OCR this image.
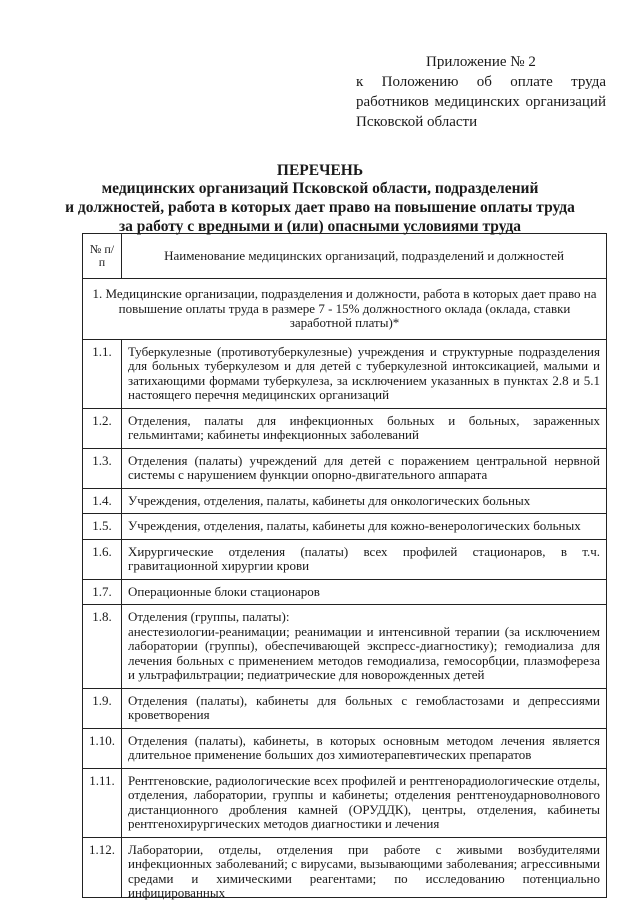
Приложение № 2
к Положению об оплате труда
работников медицинских организаций
Псковской области
ПЕРЕЧЕНЬ
медицинских организаций Псковской области, подразделений
и должностей, работа в которых дает право на повышение оплаты труда
за работу с вредными и (или) опасными условиями труда
№ п/п	Наименование медицинских организаций, подразделений и должностей
1. Медицинские организации, подразделения и должности, работа в которых дает право на повышение оплаты труда в размере 7 - 15% должностного оклада (оклада, ставки заработной платы)*	
1.1.	Туберкулезные (противотуберкулезные) учреждения и структурные подразделения для больных туберкулезом и для детей с туберкулезной интоксикацией, малыми и затихающими формами туберкулеза, за исключением указанных в пунктах 2.8 и 5.1 настоящего перечня медицинских организаций

1.2.	Отделения, палаты для инфекционных больных и больных, зараженных гельминтами; кабинеты инфекционных заболеваний

1.3.	Отделения (палаты) учреждений для детей с поражением центральной нервной системы с нарушением функции опорно-двигательного аппарата

1.4.	Учреждения, отделения, палаты, кабинеты для онкологических больных

1.5.	Учреждения, отделения, палаты, кабинеты для кожно-венерологических больных

1.6.	Хирургические отделения (палаты) всех профилей стационаров, в т.ч. гравитационной хирургии крови

1.7.	Операционные блоки стационаров

1.8.	Отделения (группы, палаты):
анестезиологии-реанимации; реанимации и интенсивной терапии (за исключением лаборатории (группы), обеспечивающей экспресс-диагностику); гемодиализа для лечения больных с применением методов гемодиализа, гемосорбции, плазмофереза и ультрафильтрации; педиатрические для новорожденных детей

1.9.	Отделения (палаты), кабинеты для больных с гемобластозами и депрессиями кроветворения

1.10.	Отделения (палаты), кабинеты, в которых основным методом лечения является длительное применение больших доз химиотерапевтических препаратов

1.11.	Рентгеновские, радиологические всех профилей и рентгенорадиологические отделы, отделения, лаборатории, группы и кабинеты; отделения рентгеноударноволнового дистанционного дробления камней (ОРУДДК), центры, отделения, кабинеты рентгенохирургических методов диагностики и лечения

1.12.	Лаборатории, отделы, отделения при работе с живыми возбудителями инфекционных заболеваний; с вирусами, вызывающими заболевания; агрессивными средами и химическими реагентами; по исследованию потенциально инфицированных
